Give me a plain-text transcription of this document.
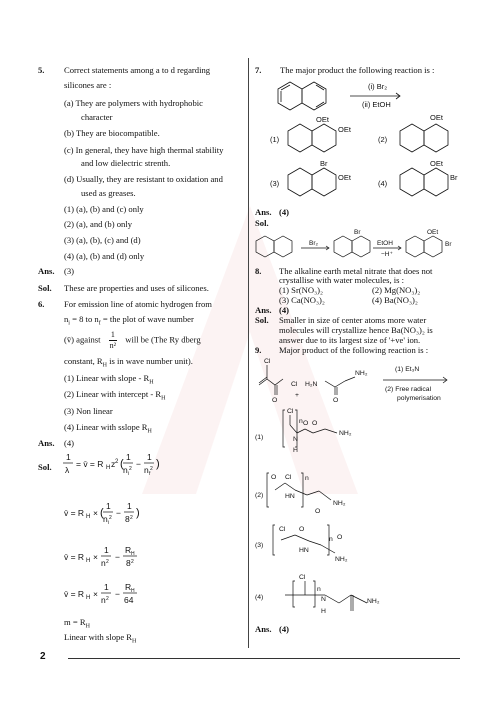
5. Correct statements among a to d regarding
silicones are :
(a) They are polymers with hydrophobic
character
(b) They are biocompatible.
(c) In general, they have high thermal stability
and low dielectric strenth.
(d) Usually, they are resistant to oxidation and
used as greases.
(1) (a), (b) and (c) only
(2) (a), and (b) only
(3) (a), (b), (c) and (d)
(4) (a), (b) and (d) only
Ans. (3)
Sol. These are properties and uses of silicones.
6. For emission line of atomic hydrogen from
$n_i = 8$ to $n_f$ = the plot of wave number
(v̄) against $\frac{1}{\text{n²}}$ will be (The Ry dberg
constant, $R_H$ is in wave number unit).
(1) Linear with slope - $R_H$
(2) Linear with intercept - $R_H$
(3) Non linear
(4) Linear with sslope $R_H$
Ans. (4)
Sol.
1
λ
= v̄ = R H z 2 (
1
n i
2 −
1
n f
2 )
v̄ = R H × (
1
n i
2 −
1
8 2 )
v̄ = R H ×
1
n 2 −
R H
8 2
v̄ = R H ×
1
n 2 −
R H
64
$m = R_H$
Linear with slope $R_H$
7. The major product the following reaction is :
(i) Br₂
(ii) EtOH
(1)
OEt
OEt
(2)
OEt
(3)
Br
OEt
(4)
OEt
Br
Ans. (4)
Sol.
Br₂
Br
EtOH
−H⁺
OEt
Br
8. The alkaline earth metal nitrate that does not
crystallise with water molecules, is :
(1) Sr(NO₃)₂	(2) Mg(NO₃)₂
(3) Ca(NO₃)₂	(4) Ba(NO₃)₂
Ans. (4)
Sol. Smaller in size of center atoms more water
molecules will crystallize hence Ba(NO₃)₂ is
answer due to its largest size of '+ve' ion.
9. Major product of the following reaction is :
Cl
O
Cl
+
H₂N
O
NH₂
(1) Et₃N
(2) Free radical
polymerisation
(1)
Cl
n
N
H
O
O
NH₂
(2)
O Cl n
HN
NH₂
O
(3)
Cl O
n O
HN
NH₂
(4)
Cl
n
N
H
NH₂
Ans. (4)
2
